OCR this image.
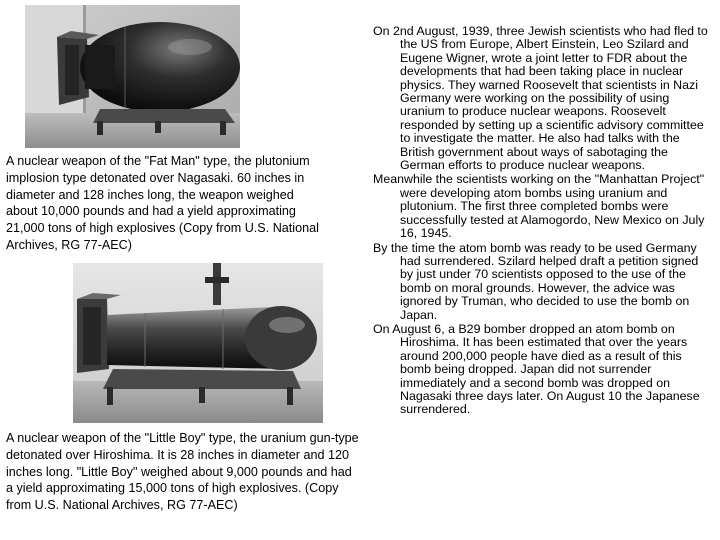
A nuclear weapon of the "Fat Man" type, the plutonium implosion type detonated over Nagasaki. 60 inches in diameter and 128 inches long, the weapon weighed about 10,000 pounds and had a yield approximating 21,000 tons of high explosives (Copy from U.S. National Archives, RG 77-AEC)

A nuclear weapon of the "Little Boy" type, the uranium gun-type detonated over Hiroshima. It is 28 inches in diameter and 120 inches long. "Little Boy" weighed about 9,000 pounds and had a yield approximating 15,000 tons of high explosives. (Copy from U.S. National Archives, RG 77-AEC)

On 2nd August, 1939, three Jewish scientists who had fled to the US from Europe, Albert Einstein, Leo Szilard and Eugene Wigner, wrote a joint letter to FDR about the developments that had been taking place in nuclear physics. They warned Roosevelt that scientists in Nazi Germany were working on the possibility of using uranium to produce nuclear weapons. Roosevelt responded by setting up a scientific advisory committee to investigate the matter. He also had talks with the British government about ways of sabotaging the German efforts to produce nuclear weapons.

Meanwhile the scientists working on the "Manhattan Project" were developing atom bombs using uranium and plutonium. The first three completed bombs were successfully tested at Alamogordo, New Mexico on July 16, 1945.

By the time the atom bomb was ready to be used Germany had surrendered. Szilard helped draft a petition signed by just under 70 scientists opposed to the use of the bomb on moral grounds. However, the advice was ignored by Truman, who decided to use the bomb on Japan.

On August 6, a B29 bomber dropped an atom bomb on Hiroshima. It has been estimated that over the years around 200,000 people have died as a result of this bomb being dropped. Japan did not surrender immediately and a second bomb was dropped on Nagasaki three days later. On August 10 the Japanese surrendered.
